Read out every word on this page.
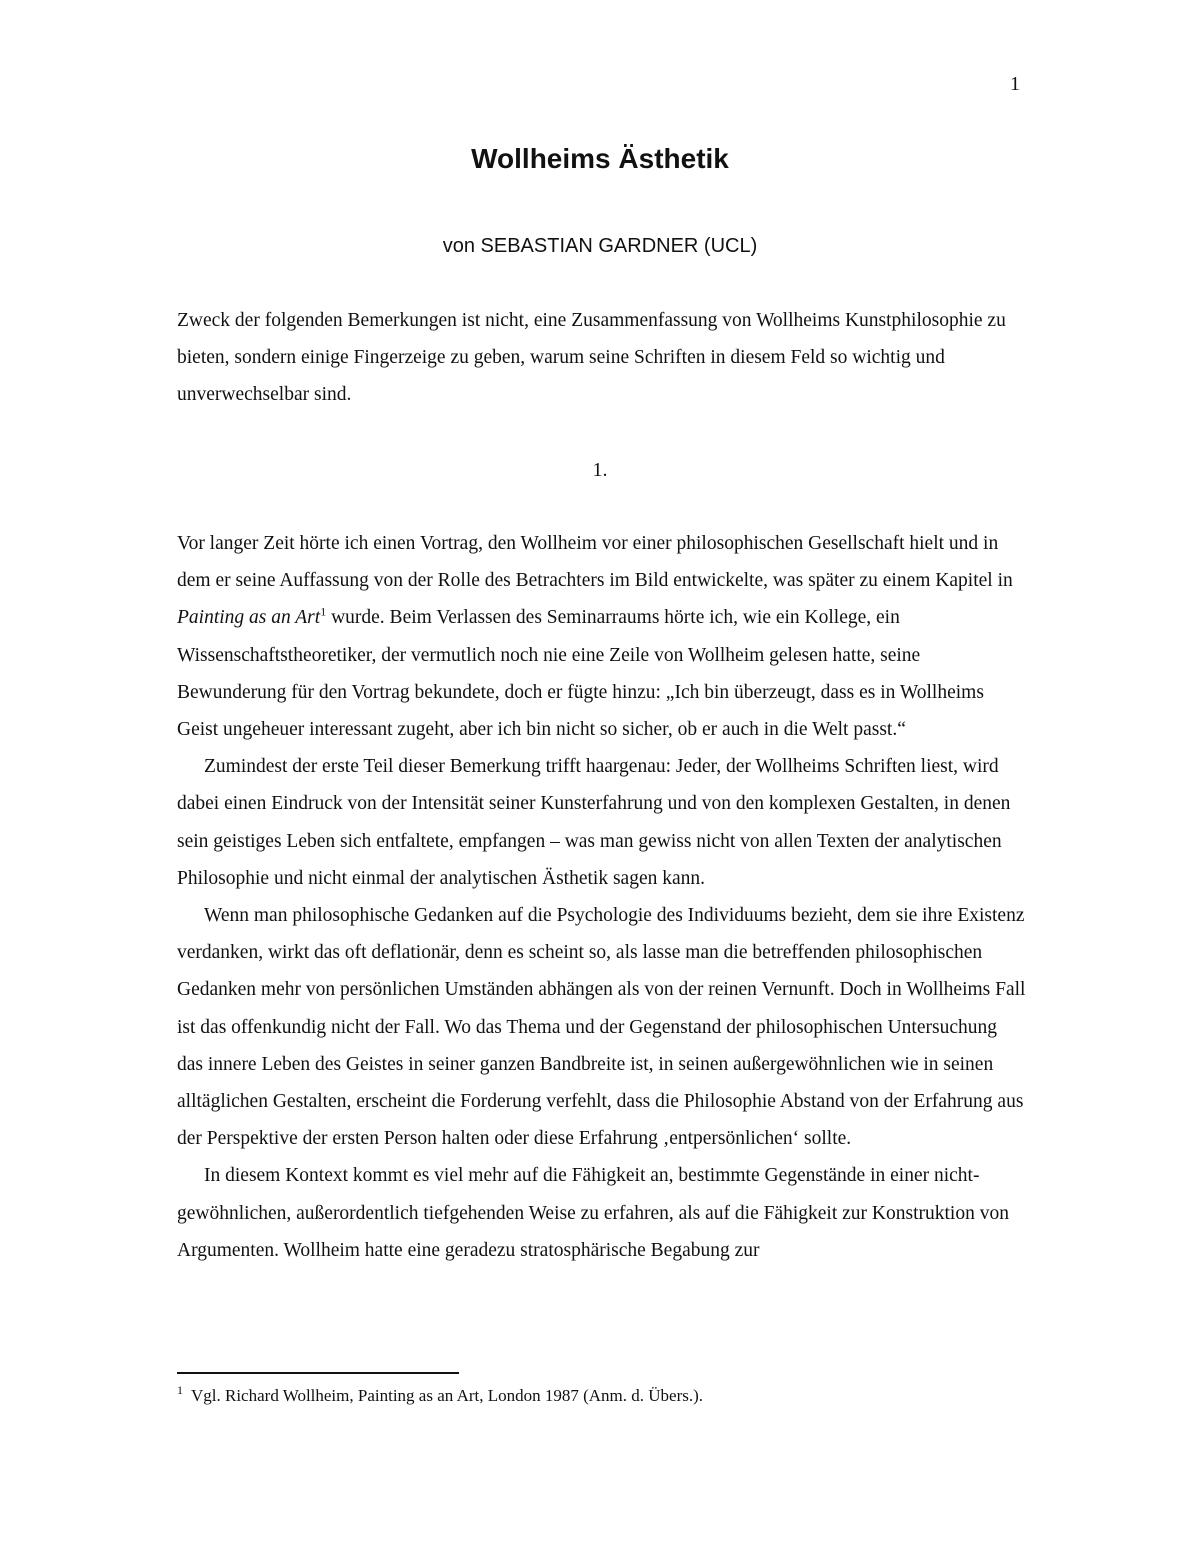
1
Wollheims Ästhetik
von SEBASTIAN GARDNER (UCL)

Zweck der folgenden Bemerkungen ist nicht, eine Zusammenfassung von Wollheims Kunstphilosophie zu bieten, sondern einige Fingerzeige zu geben, warum seine Schriften in diesem Feld so wichtig und unverwechselbar sind.

1.

Vor langer Zeit hörte ich einen Vortrag, den Wollheim vor einer philosophischen Gesellschaft hielt und in dem er seine Auffassung von der Rolle des Betrachters im Bild entwickelte, was später zu einem Kapitel in Painting as an Art$^1$ wurde. Beim Verlassen des Seminarraums hörte ich, wie ein Kollege, ein Wissenschaftstheoretiker, der vermutlich noch nie eine Zeile von Wollheim gelesen hatte, seine Bewunderung für den Vortrag bekundete, doch er fügte hinzu: „Ich bin überzeugt, dass es in Wollheims Geist ungeheuer interessant zugeht, aber ich bin nicht so sicher, ob er auch in die Welt passt.“

Zumindest der erste Teil dieser Bemerkung trifft haargenau: Jeder, der Wollheims Schriften liest, wird dabei einen Eindruck von der Intensität seiner Kunsterfahrung und von den komplexen Gestalten, in denen sein geistiges Leben sich entfaltete, empfangen – was man gewiss nicht von allen Texten der analytischen Philosophie und nicht einmal der analytischen Ästhetik sagen kann.

Wenn man philosophische Gedanken auf die Psychologie des Individuums bezieht, dem sie ihre Existenz verdanken, wirkt das oft deflationär, denn es scheint so, als lasse man die betreffenden philosophischen Gedanken mehr von persönlichen Umständen abhängen als von der reinen Vernunft. Doch in Wollheims Fall ist das offenkundig nicht der Fall. Wo das Thema und der Gegenstand der philosophischen Untersuchung das innere Leben des Geistes in seiner ganzen Bandbreite ist, in seinen außergewöhnlichen wie in seinen alltäglichen Gestalten, erscheint die Forderung verfehlt, dass die Philosophie Abstand von der Erfahrung aus der Perspektive der ersten Person halten oder diese Erfahrung ‚entpersönlichen‘ sollte.

In diesem Kontext kommt es viel mehr auf die Fähigkeit an, bestimmte Gegenstände in einer nicht-gewöhnlichen, außerordentlich tiefgehenden Weise zu erfahren, als auf die Fähigkeit zur Konstruktion von Argumenten. Wollheim hatte eine geradezu stratosphärische Begabung zur

$^1$ Vgl. Richard Wollheim, Painting as an Art, London 1987 (Anm. d. Übers.).
